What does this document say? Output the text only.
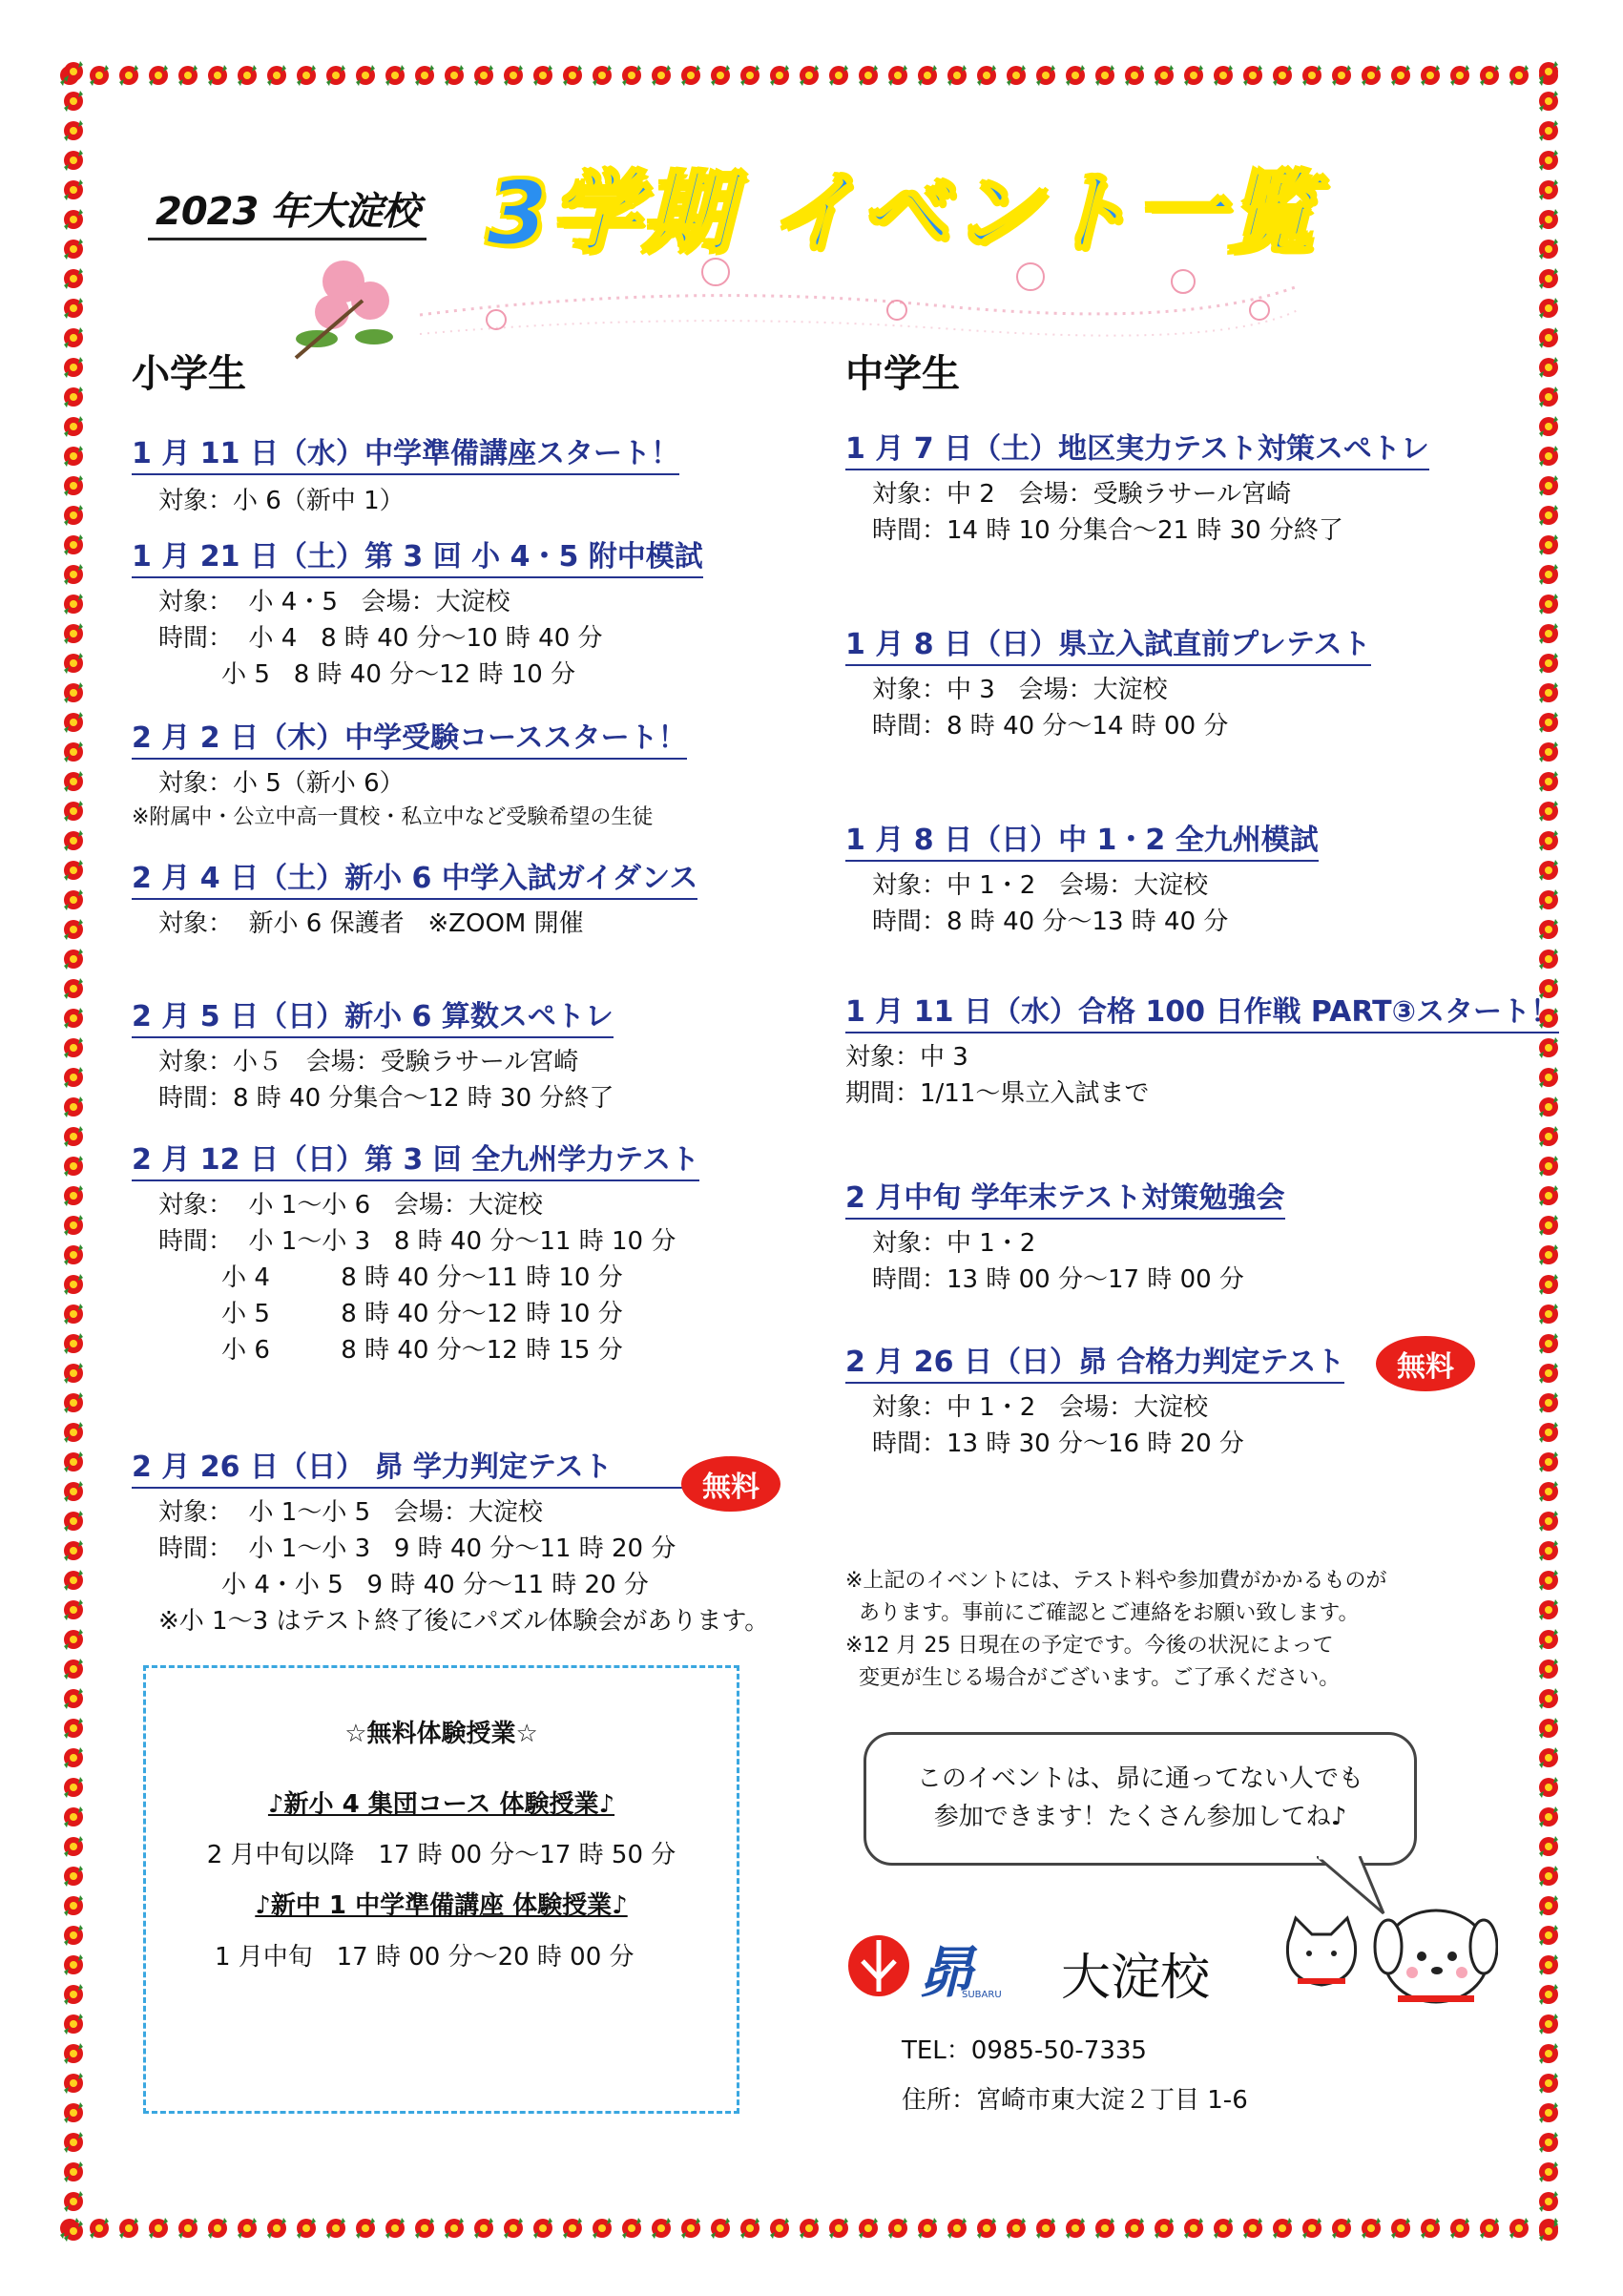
2023 年大淀校 3学期 イベント一覧
小学生	中学生
1 月 11 日（水）中学準備講座スタート！
対象：小 6（新中 1）
1 月 21 日（土）第 3 回 小 4・5 附中模試
対象：  小 4・5   会場：大淀校
時間：  小 4   8 時 40 分〜10 時 40 分
小 5   8 時 40 分〜12 時 10 分
2 月 2 日（木）中学受験コーススタート！
対象：小 5（新小 6）
※附属中・公立中高一貫校・私立中など受験希望の生徒
2 月 4 日（土）新小 6 中学入試ガイダンス
対象：  新小 6 保護者   ※ZOOM 開催
2 月 5 日（日）新小 6 算数スペトレ
対象：小５   会場：受験ラサール宮崎
時間：8 時 40 分集合〜12 時 30 分終了
2 月 12 日（日）第 3 回 全九州学力テスト
対象：  小 1〜小 6   会場：大淀校
時間：  小 1〜小 3   8 時 40 分〜11 時 10 分
小 4         8 時 40 分〜11 時 10 分
小 5         8 時 40 分〜12 時 10 分
小 6         8 時 40 分〜12 時 15 分
2 月 26 日（日） 昴 学力判定テスト
対象：  小 1〜小 5   会場：大淀校
時間：  小 1〜小 3   9 時 40 分〜11 時 20 分
小 4・小 5   9 時 40 分〜11 時 20 分
※小 1〜3 はテスト終了後にパズル体験会があります。
無料
☆無料体験授業☆
♪新小 4 集団コース 体験授業♪
2 月中旬以降   17 時 00 分〜17 時 50 分
♪新中 1 中学準備講座 体験授業♪
1 月中旬   17 時 00 分〜20 時 00 分
1 月 7 日（土）地区実力テスト対策スペトレ
対象：中 2   会場：受験ラサール宮崎
時間：14 時 10 分集合〜21 時 30 分終了
1 月 8 日（日）県立入試直前プレテスト
対象：中 3   会場：大淀校
時間：8 時 40 分〜14 時 00 分
1 月 8 日（日）中 1・2 全九州模試
対象：中 1・2   会場：大淀校
時間：8 時 40 分〜13 時 40 分
1 月 11 日（水）合格 100 日作戦 PART③スタート！
対象：中 3
期間：1/11〜県立入試まで
2 月中旬 学年末テスト対策勉強会
対象：中 1・2
時間：13 時 00 分〜17 時 00 分
2 月 26 日（日）昴 合格力判定テスト
対象：中 1・2   会場：大淀校
時間：13 時 30 分〜16 時 20 分
無料
※上記のイベントには、テスト料や参加費がかかるものが
あります。事前にご確認とご連絡をお願い致します。
※12 月 25 日現在の予定です。今後の状況によって
変更が生じる場合がございます。ご了承ください。
このイベントは、昴に通ってない人でも
参加できます！たくさん参加してね♪
昴
SUBARU 大淀校
TEL：0985-50-7335
住所：宮崎市東大淀２丁目 1-6
